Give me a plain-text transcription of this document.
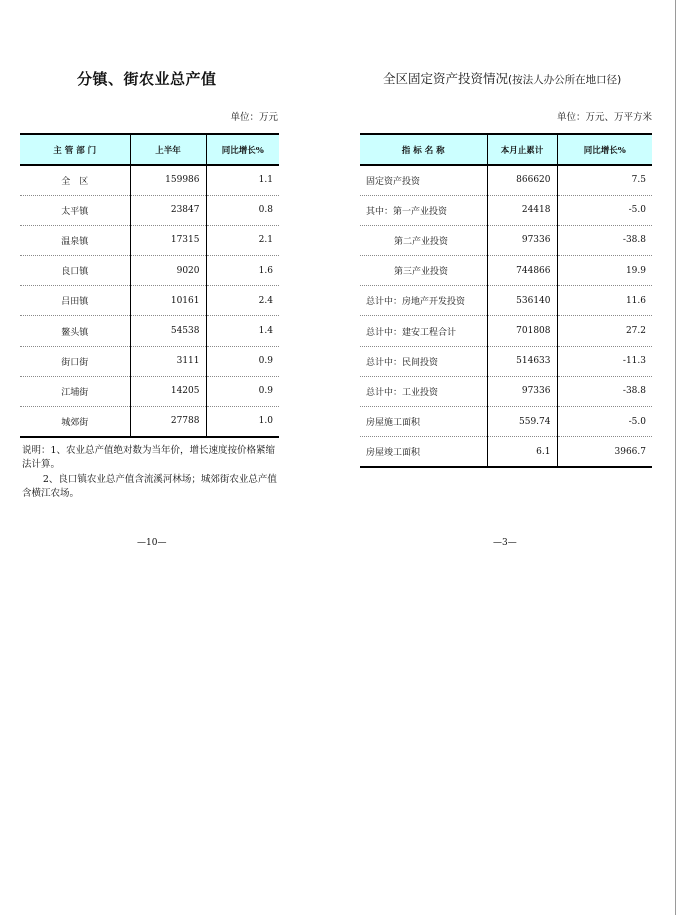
分镇、街农业总产值
单位：万元
主 管 部 门	上半年	同比增长%
全　区	159986	1.1
太平镇	23847	0.8
温泉镇	17315	2.1
良口镇	9020	1.6
吕田镇	10161	2.4
鳌头镇	54538	1.4
街口街	3111	0.9
江埔街	14205	0.9
城郊街	27788	1.0

说明：1、农业总产值绝对数为当年价，增长速度按价格紧缩法计算。

2、良口镇农业总产值含流溪河林场；城郊街农业总产值含横江农场。

—10—
全区固定资产投资情况(按法人办公所在地口径)
单位：万元、万平方米
指 标 名 称	本月止累计	同比增长%
固定资产投资	866620	7.5
其中：第一产业投资	24418	-5.0
第二产业投资	97336	-38.8
第三产业投资	744866	19.9
总计中：房地产开发投资	536140	11.6
总计中：建安工程合计	701808	27.2
总计中：民间投资	514633	-11.3
总计中：工业投资	97336	-38.8
房屋施工面积	559.74	-5.0
房屋竣工面积	6.1	3966.7
—3—
